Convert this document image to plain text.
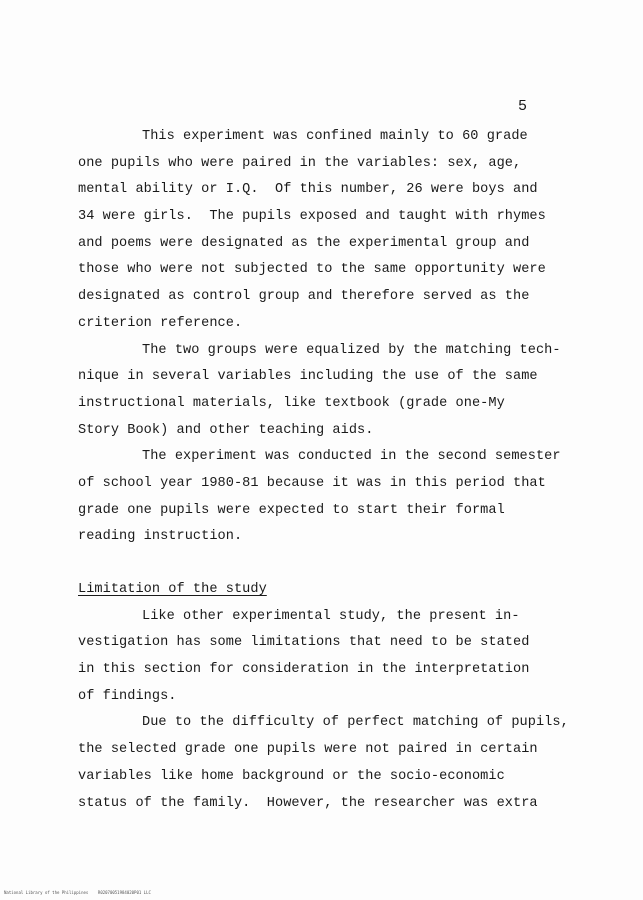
5
This experiment was confined mainly to 60 grade
one pupils who were paired in the variables: sex, age,
mental ability or I.Q.  Of this number, 26 were boys and
34 were girls.  The pupils exposed and taught with rhymes
and poems were designated as the experimental group and
those who were not subjected to the same opportunity were
designated as control group and therefore served as the
criterion reference.
The two groups were equalized by the matching tech-
nique in several variables including the use of the same
instructional materials, like textbook (grade one-My
Story Book) and other teaching aids.
The experiment was conducted in the second semester
of school year 1980-81 because it was in this period that
grade one pupils were expected to start their formal
reading instruction.
Limitation of the study
Like other experimental study, the present in-
vestigation has some limitations that need to be stated
in this section for consideration in the interpretation
of findings.
Due to the difficulty of perfect matching of pupils,
the selected grade one pupils were not paired in certain
variables like home background or the socio-economic
status of the family.  However, the researcher was extra
National Library of the Philippines    R02070051984020P01 LLC
